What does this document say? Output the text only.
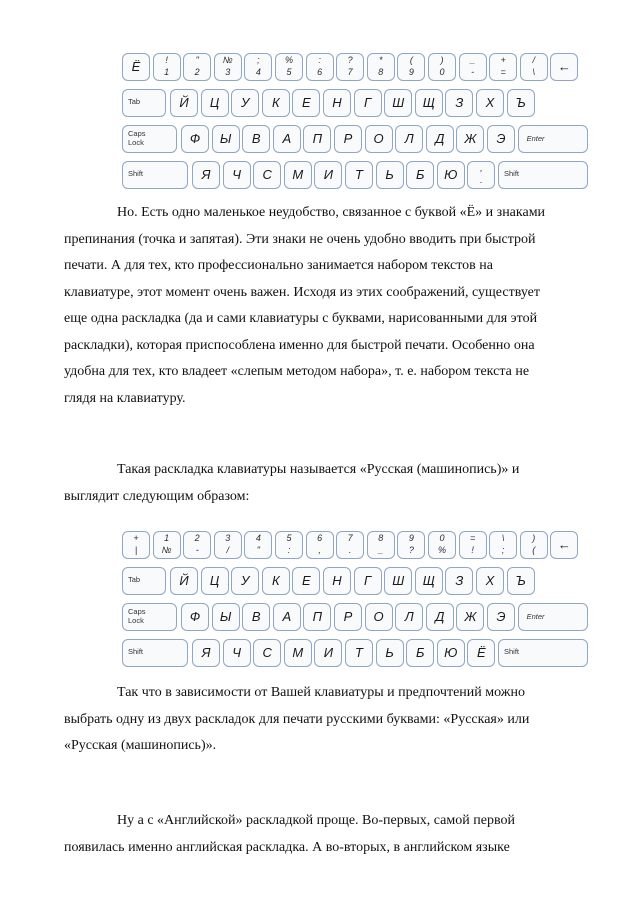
Ё	!
1
"
2
№
3
;
4
%
5
:
6
?
7
*
8
(
9
)
0
_
-
+
=
/
\	←
Tab	Й	Ц	У	К	Е	Н	Г	Ш	Щ	З	Х	Ъ
Caps
Lock	Ф	Ы	В	А	П	Р	О	Л	Д	Ж	Э	Enter
Shift	Я	Ч	С	М	И	Т	Ь	Б	Ю	,
.
Shift
Но. Есть одно маленькое неудобство, связанное с буквой «Ё» и знаками
препинания (точка и запятая). Эти знаки не очень удобно вводить при быстрой
печати. А для тех, кто профессионально занимается набором текстов на
клавиатуре, этот момент очень важен. Исходя из этих соображений, существует
еще одна раскладка (да и сами клавиатуры с буквами, нарисованными для этой
раскладки), которая приспособлена именно для быстрой печати. Особенно она
удобна для тех, кто владеет «слепым методом набора», т. е. набором текста не
глядя на клавиатуру.
Такая раскладка клавиатуры называется «Русская (машинопись)» и
выглядит следующим образом:
+
|
1
№
2
-
3
/
4
"
5
:
6
,
7
.
8
_
9
?
0
%
=
!
\
;
)
(	←
Tab	Й	Ц	У	К	Е	Н	Г	Ш	Щ	З	Х	Ъ
Caps
Lock	Ф	Ы	В	А	П	Р	О	Л	Д	Ж	Э	Enter
Shift	Я	Ч	С	М	И	Т	Ь	Б	Ю	Ё	Shift
Так что в зависимости от Вашей клавиатуры и предпочтений можно
выбрать одну из двух раскладок для печати русскими буквами: «Русская» или
«Русская (машинопись)».
Ну а с «Английской» раскладкой проще. Во-первых, самой первой
появилась именно английская раскладка. А во-вторых, в английском языке
